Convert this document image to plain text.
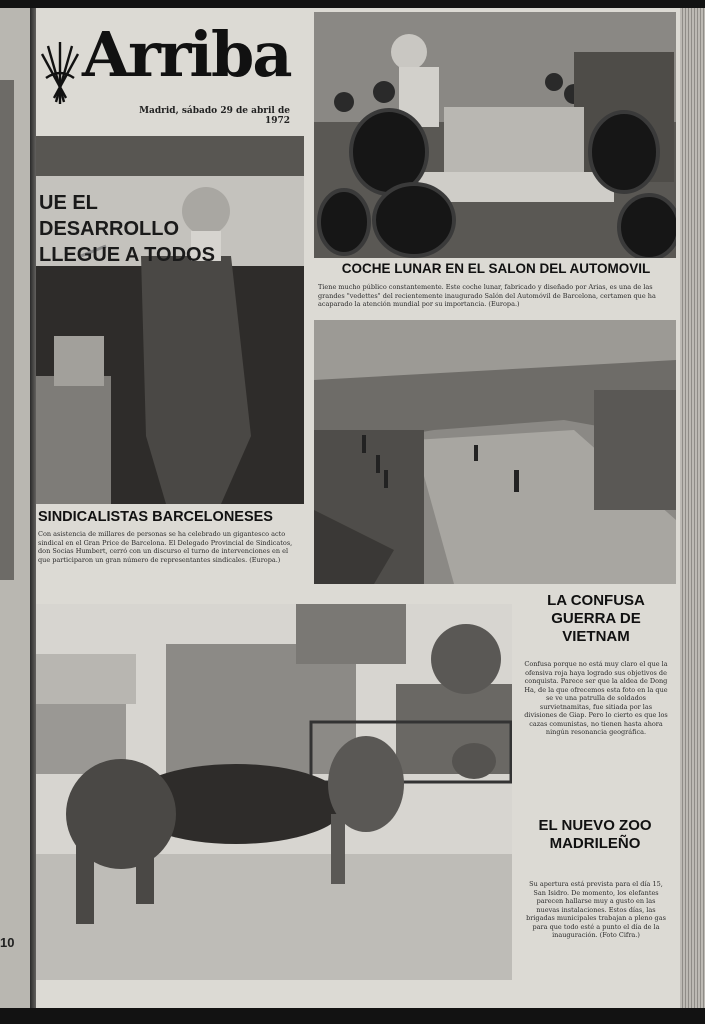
10
Arriba
Madrid, sábado 29 de abril de 1972
COCHE LUNAR EN EL SALON DEL AUTOMOVIL
Tiene mucho público constantemente. Este coche lunar, fabricado y diseñado por Arias, es una de las grandes "vedettes" del recientemente inaugurado Salón del Automóvil de Barcelona, certamen que ha acaparado la atención mundial por su importancia. (Europa.)
UE EL DESARROLLO LLEGUE A TODOS
SINDICALISTAS BARCELONESES
Con asistencia de millares de personas se ha celebrado un gigantesco acto sindical en el Gran Price de Barcelona. El Delegado Provincial de Sindicatos, don Socias Humbert, cerró con un discurso el turno de intervenciones en el que participaron un gran número de representantes sindicales. (Europa.)
LA CONFUSA GUERRA DE VIETNAM
Confusa porque no está muy claro el que la ofensiva roja haya logrado sus objetivos de conquista. Parece ser que la aldea de Dong Ha, de la que ofrecemos esta foto en la que se ve una patrulla de soldados survietnamitas, fue sitiada por las divisiones de Giap. Pero lo cierto es que los cazas comunistas, no tienen hasta ahora ningún resonancia geográfica.
EL NUEVO ZOO MADRILEÑO
Su apertura está prevista para el día 15, San Isidro. De momento, los elefantes parecen hallarse muy a gusto en las nuevas instalaciones. Estos días, las brigadas municipales trabajan a pleno gas para que todo esté a punto el día de la inauguración. (Foto Cifra.)
